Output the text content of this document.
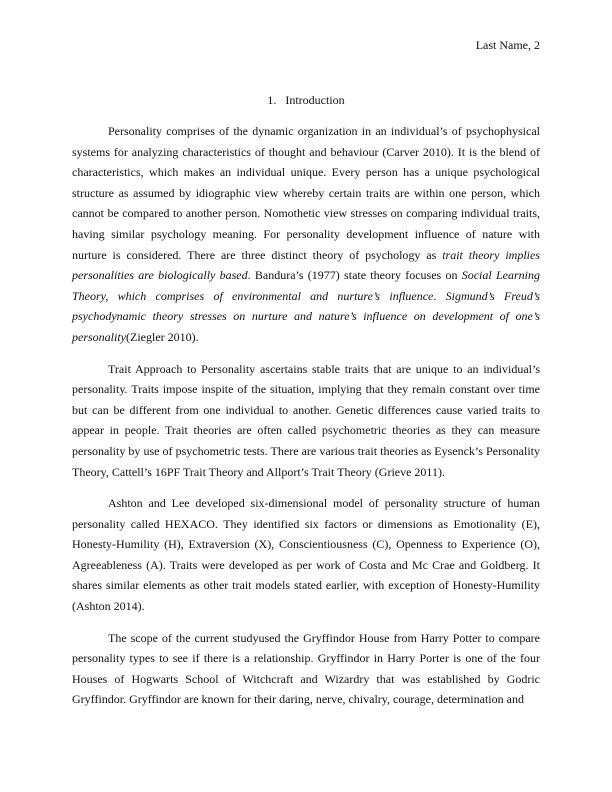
Last Name, 2
1. Introduction

Personality comprises of the dynamic organization in an individual’s of psychophysical systems for analyzing characteristics of thought and behaviour (Carver 2010). It is the blend of characteristics, which makes an individual unique. Every person has a unique psychological structure as assumed by idiographic view whereby certain traits are within one person, which cannot be compared to another person. Nomothetic view stresses on comparing individual traits, having similar psychology meaning. For personality development influence of nature with nurture is considered. There are three distinct theory of psychology as trait theory implies personalities are biologically based. Bandura’s (1977) state theory focuses on Social Learning Theory, which comprises of environmental and nurture’s influence. Sigmund’s Freud’s psychodynamic theory stresses on nurture and nature’s influence on development of one’s personality(Ziegler 2010).

Trait Approach to Personality ascertains stable traits that are unique to an individual’s personality. Traits impose inspite of the situation, implying that they remain constant over time but can be different from one individual to another. Genetic differences cause varied traits to appear in people. Trait theories are often called psychometric theories as they can measure personality by use of psychometric tests. There are various trait theories as Eysenck’s Personality Theory, Cattell’s 16PF Trait Theory and Allport’s Trait Theory (Grieve 2011).

Ashton and Lee developed six-dimensional model of personality structure of human personality called HEXACO. They identified six factors or dimensions as Emotionality (E), Honesty-Humility (H), Extraversion (X), Conscientiousness (C), Openness to Experience (O), Agreeableness (A). Traits were developed as per work of Costa and Mc Crae and Goldberg. It shares similar elements as other trait models stated earlier, with exception of Honesty-Humility (Ashton 2014).

The scope of the current studyused the Gryffindor House from Harry Potter to compare personality types to see if there is a relationship. Gryffindor in Harry Porter is one of the four Houses of Hogwarts School of Witchcraft and Wizardry that was established by Godric Gryffindor. Gryffindor are known for their daring, nerve, chivalry, courage, determination and
